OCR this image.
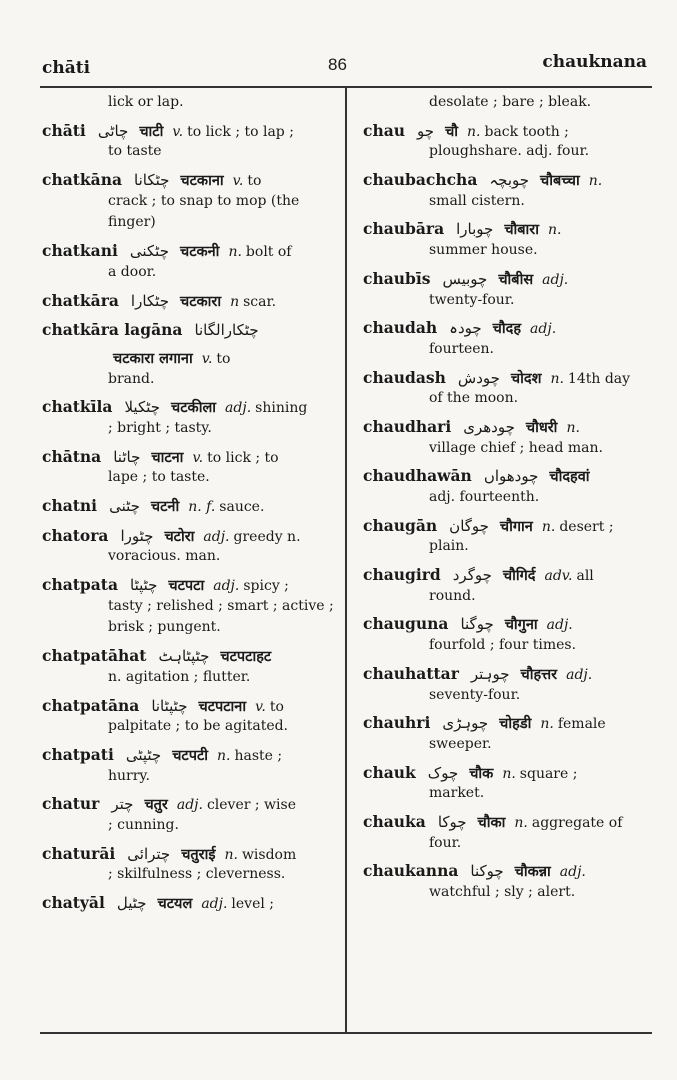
chāti	86	chauknana
lick or lap.
chāti چاٹی चाटी v. to lick ; to lap ;
to taste
chatkāna چٹکانا चटकाना v. to
crack ; to snap to mop (the finger)
chatkani چٹکنی चटकनी n. bolt of
a door.
chatkāra چٹکارا चटकारा n scar.
chatkāra lagāna چٹکارالگانا
चटकारा लगाना v. to
brand.
chatkīla چٹکیلا चटकीला adj. shining
; bright ; tasty.
chātna چاٹنا चाटना v. to lick ; to
lape ; to taste.
chatni چٹنی चटनी n. f. sauce.
chatora چٹورا चटोरा adj. greedy n.
voracious. man.
chatpata چٹپٹا चटपटा adj. spicy ;
tasty ; relished ; smart ; active ; brisk ; pungent.
chatpatāhat چٹپٹاہٹ चटपटाहट
n. agitation ; flutter.
chatpatāna چٹپٹانا चटपटाना v. to
palpitate ; to be agitated.
chatpati چٹپٹی चटपटी n. haste ;
hurry.
chatur چتر चतुर adj. clever ; wise
; cunning.
chaturāi چترائی चतुराई n. wisdom
; skilfulness ; cleverness.
chatyāl چٹیل चटयल adj. level ;
desolate ; bare ; bleak.
chau چو चौ n. back tooth ;
ploughshare. adj. four.
chaubachcha چوبچہ चौबच्चा n.
small cistern.
chaubāra چوبارا चौबारा n.
summer house.
chaubīs چوبیس चौबीस adj.
twenty-four.
chaudah چودہ चौदह adj.
fourteen.
chaudash چودش चोदश n. 14th day
of the moon.
chaudhari چودھری चौधरी n.
village chief ; head man.
chaudhawān چودھواں चौदहवां
adj. fourteenth.
chaugān چوگان चौगान n. desert ;
plain.
chaugird چوگرد चौगिर्द adv. all
round.
chauguna چوگنا चौगुना adj.
fourfold ; four times.
chauhattar چوہتر चौहत्तर adj.
seventy-four.
chauhri چوہڑی चोहडी n. female
sweeper.
chauk چوک चौक n. square ;
market.
chauka چوکا चौका n. aggregate of
four.
chaukanna چوکنا चौकन्ना adj.
watchful ; sly ; alert.
